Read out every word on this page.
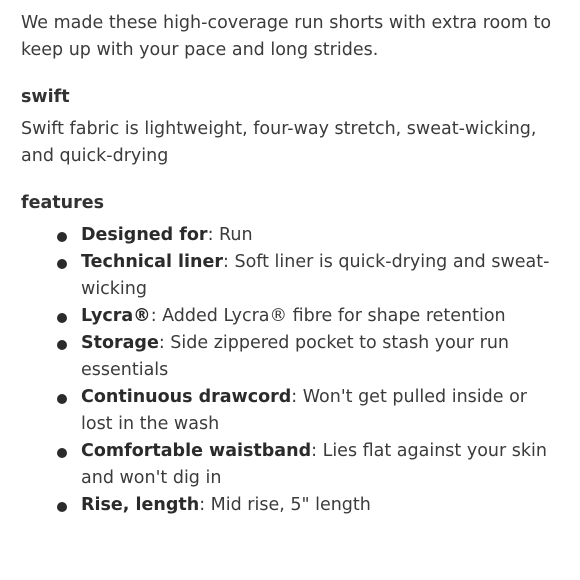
We made these high-coverage run shorts with extra room to keep up with your pace and long strides.

swift

Swift fabric is lightweight, four-way stretch, sweat-wicking, and quick-drying

features
Designed for: Run
Technical liner: Soft liner is quick-drying and sweat-wicking
Lycra®: Added Lycra® fibre for shape retention
Storage: Side zippered pocket to stash your run essentials
Continuous drawcord: Won't get pulled inside or lost in the wash
Comfortable waistband: Lies flat against your skin and won't dig in
Rise, length: Mid rise, 5" length
